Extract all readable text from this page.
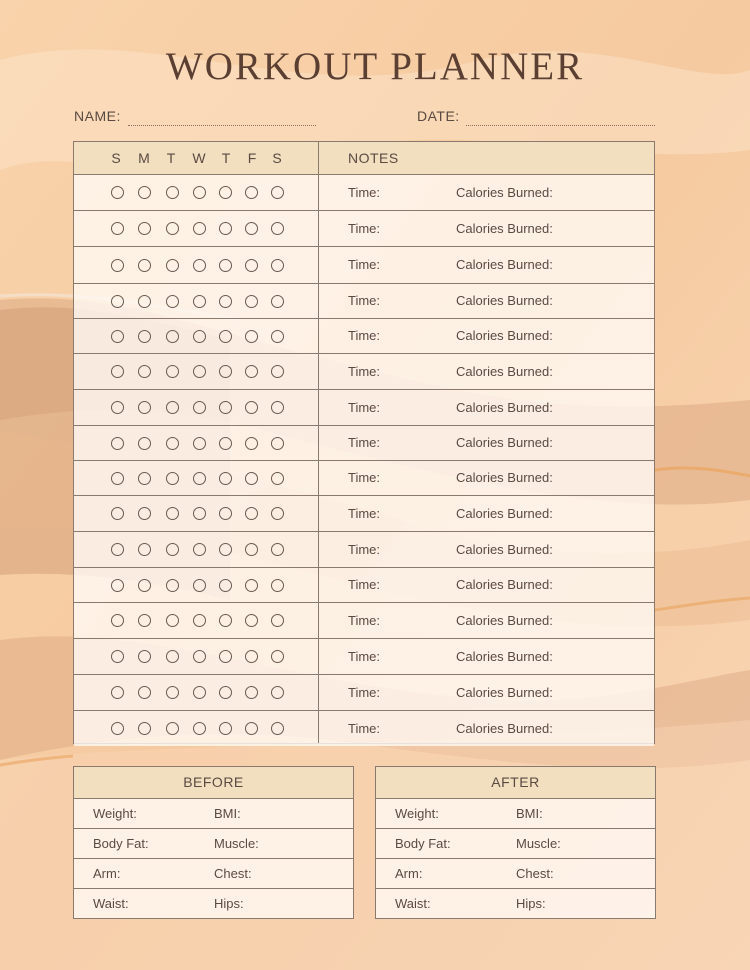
WORKOUT PLANNER
NAME:	DATE:
S	M	T	W	T	F	S	NOTES
Time:	Calories Burned:
Time:	Calories Burned:
Time:	Calories Burned:
Time:	Calories Burned:
Time:	Calories Burned:
Time:	Calories Burned:
Time:	Calories Burned:
Time:	Calories Burned:
Time:	Calories Burned:
Time:	Calories Burned:
Time:	Calories Burned:
Time:	Calories Burned:
Time:	Calories Burned:
Time:	Calories Burned:
Time:	Calories Burned:
Time:	Calories Burned:
BEFORE
Weight:	BMI:
Body Fat:	Muscle:
Arm:	Chest:
Waist:	Hips:
AFTER
Weight:	BMI:
Body Fat:	Muscle:
Arm:	Chest:
Waist:	Hips:
